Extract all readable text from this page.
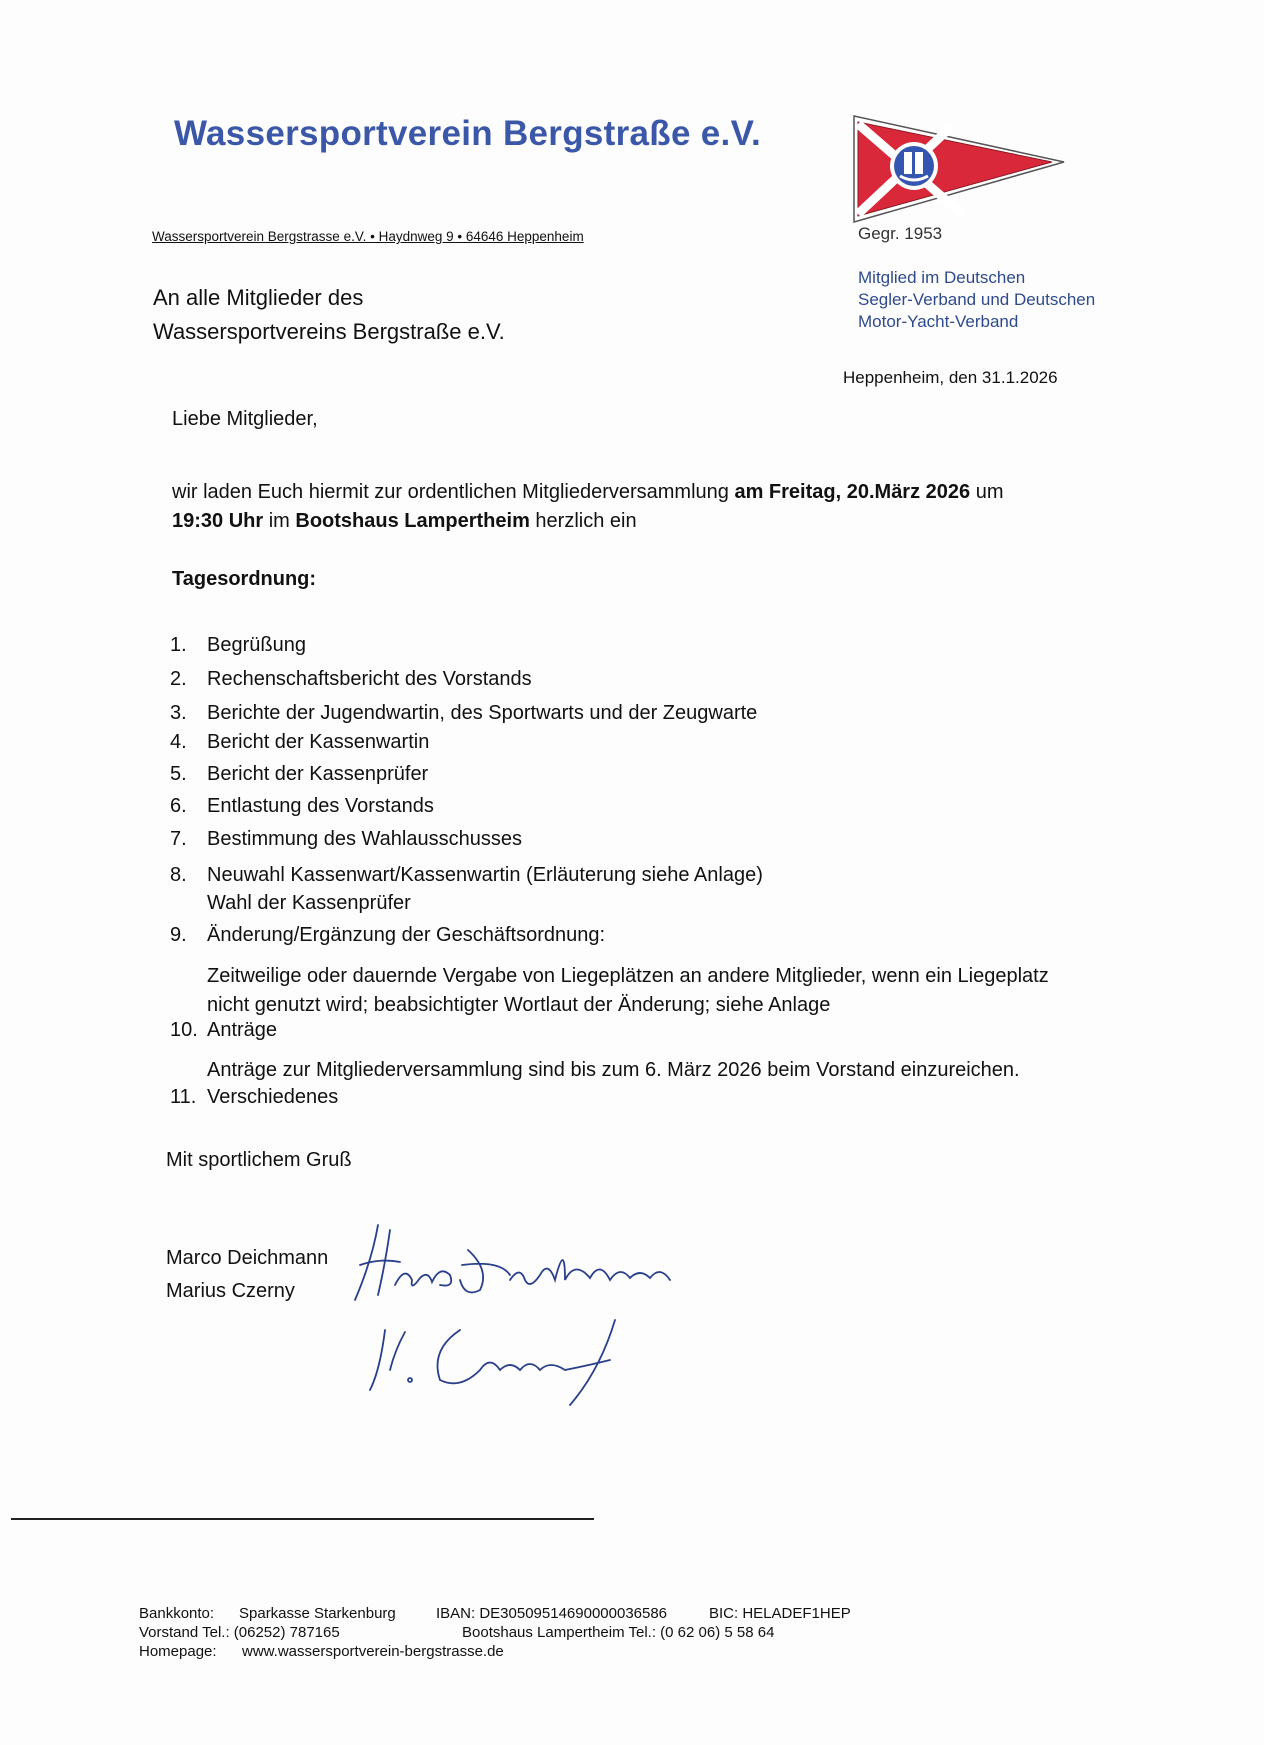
Wassersportverein Bergstraße e.V.
Wassersportverein Bergstrasse e.V. • Haydnweg 9 • 64646 Heppenheim	Gegr. 1953
Mitglied im Deutschen
Segler-Verband und Deutschen
Motor-Yacht-Verband
An alle Mitglieder des
Wassersportvereins Bergstraße e.V.
Heppenheim, den 31.1.2026
Liebe Mitglieder,
wir laden Euch hiermit zur ordentlichen Mitgliederversammlung am Freitag, 20.März 2026 um
19:30 Uhr im Bootshaus Lampertheim herzlich ein
Tagesordnung:
1. Begrüßung
2. Rechenschaftsbericht des Vorstands
3. Berichte der Jugendwartin, des Sportwarts und der Zeugwarte
4. Bericht der Kassenwartin
5. Bericht der Kassenprüfer
6. Entlastung des Vorstands
7. Bestimmung des Wahlausschusses
8. Neuwahl Kassenwart/Kassenwartin (Erläuterung siehe Anlage)
Wahl der Kassenprüfer
9. Änderung/Ergänzung der Geschäftsordnung:
Zeitweilige oder dauernde Vergabe von Liegeplätzen an andere Mitglieder, wenn ein Liegeplatz
nicht genutzt wird; beabsichtigter Wortlaut der Änderung; siehe Anlage
10. Anträge
Anträge zur Mitgliederversammlung sind bis zum 6. März 2026 beim Vorstand einzureichen.
11. Verschiedenes
Mit sportlichem Gruß
Marco Deichmann
Marius Czerny
Bankkonto: Sparkasse Starkenburg	IBAN: DE30509514690000036586	BIC: HELADEF1HEP
Vorstand Tel.: (06252) 787165	Bootshaus Lampertheim Tel.: (0 62 06) 5 58 64
Homepage: www.wassersportverein-bergstrasse.de
